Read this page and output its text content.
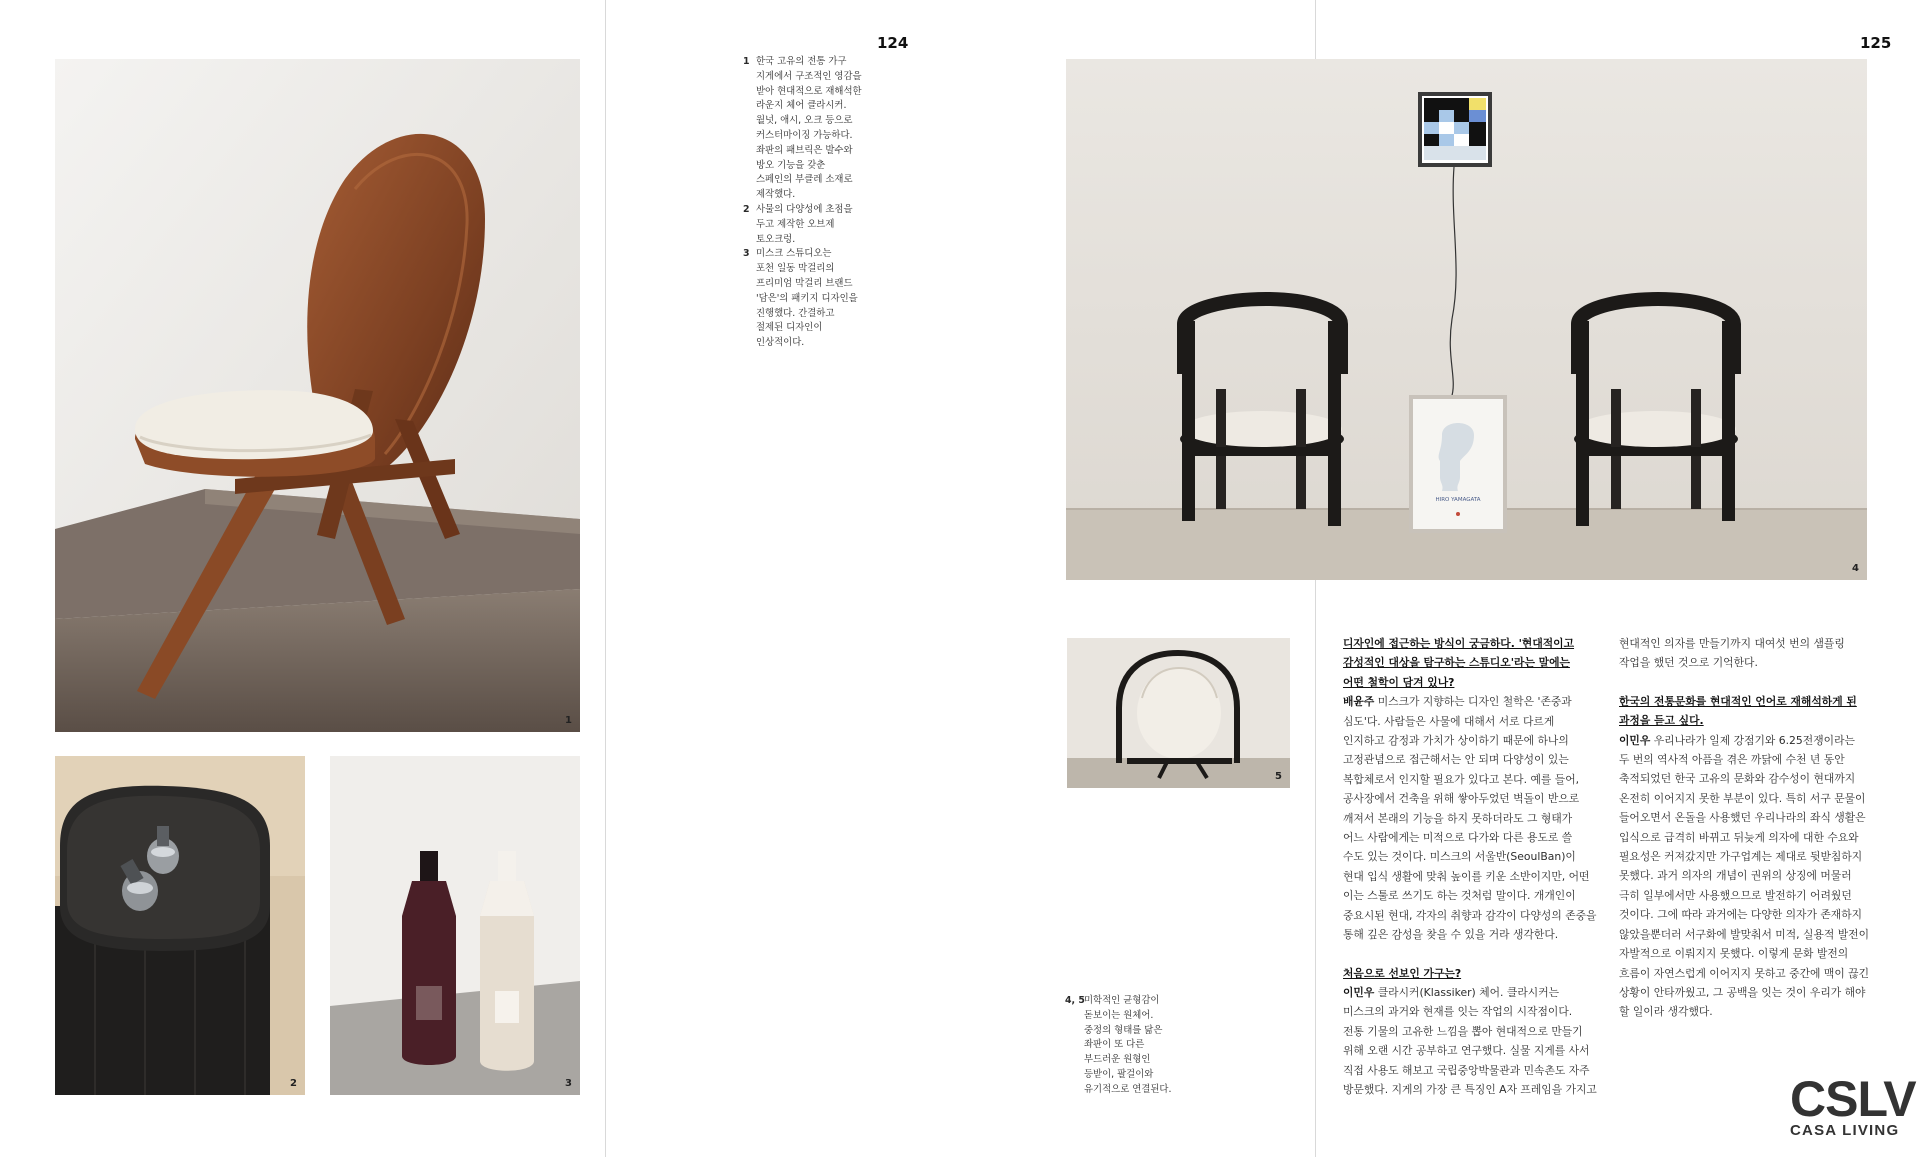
1
2	3
124
1 한국 고유의 전통 가구
지게에서 구조적인 영감을
받아 현대적으로 재해석한
라운지 체어 클라시커.
월넛, 애시, 오크 등으로
커스터마이징 가능하다.
좌판의 패브릭은 발수와
방오 기능을 갖춘
스페인의 부클레 소재로
제작했다.
2 사물의 다양성에 초점을
두고 제작한 오브제
토오크렁.
3 미스크 스튜디오는
포천 일동 막걸리의
프리미엄 막걸리 브랜드
'담은'의 패키지 디자인을
진행했다. 간결하고
절제된 디자인이
인상적이다.
4, 5 미학적인 균형감이
돋보이는 원체어.
중정의 형태를 닮은
좌판이 또 다른
부드러운 원형인
등받이, 팔걸이와
유기적으로 연결된다.
HIRO YAMAGATA
4
5
125
디자인에 접근하는 방식이 궁금하다. '현대적이고
감성적인 대상을 탐구하는 스튜디오'라는 말에는
어떤 철학이 담겨 있나?
배윤주 미스크가 지향하는 디자인 철학은 '존중과
심도'다. 사람들은 사물에 대해서 서로 다르게
인지하고 감정과 가치가 상이하기 때문에 하나의
고정관념으로 접근해서는 안 되며 다양성이 있는
복합체로서 인지할 필요가 있다고 본다. 예를 들어,
공사장에서 건축을 위해 쌓아두었던 벽돌이 반으로
깨져서 본래의 기능을 하지 못하더라도 그 형태가
어느 사람에게는 미적으로 다가와 다른 용도로 쓸
수도 있는 것이다. 미스크의 서울반(SeoulBan)이
현대 입식 생활에 맞춰 높이를 키운 소반이지만, 어떤
이는 스툴로 쓰기도 하는 것처럼 말이다. 개개인이
중요시된 현대, 각자의 취향과 감각이 다양성의 존중을
통해 깊은 감성을 찾을 수 있을 거라 생각한다.
처음으로 선보인 가구는?
이민우 클라시커(Klassiker) 체어. 클라시커는
미스크의 과거와 현재를 잇는 작업의 시작점이다.
전통 기물의 고유한 느낌을 뽑아 현대적으로 만들기
위해 오랜 시간 공부하고 연구했다. 실물 지게를 사서
직접 사용도 해보고 국립중앙박물관과 민속촌도 자주
방문했다. 지게의 가장 큰 특징인 A자 프레임을 가지고
현대적인 의자를 만들기까지 대여섯 번의 샘플링
작업을 했던 것으로 기억한다.
한국의 전통문화를 현대적인 언어로 재해석하게 된
과정을 듣고 싶다.
이민우 우리나라가 일제 강점기와 6.25전쟁이라는
두 번의 역사적 아픔을 겪은 까닭에 수천 년 동안
축적되었던 한국 고유의 문화와 감수성이 현대까지
온전히 이어지지 못한 부분이 있다. 특히 서구 문물이
들어오면서 온돌을 사용했던 우리나라의 좌식 생활은
입식으로 급격히 바뀌고 뒤늦게 의자에 대한 수요와
필요성은 커져갔지만 가구업계는 제대로 뒷받침하지
못했다. 과거 의자의 개념이 권위의 상징에 머물러
극히 일부에서만 사용했으므로 발전하기 어려웠던
것이다. 그에 따라 과거에는 다양한 의자가 존재하지
않았을뿐더러 서구화에 발맞춰서 미적, 실용적 발전이
자발적으로 이뤄지지 못했다. 이렇게 문화 발전의
흐름이 자연스럽게 이어지지 못하고 중간에 맥이 끊긴
상황이 안타까웠고, 그 공백을 잇는 것이 우리가 해야
할 일이라 생각했다.
CSLV
CASA LIVING
